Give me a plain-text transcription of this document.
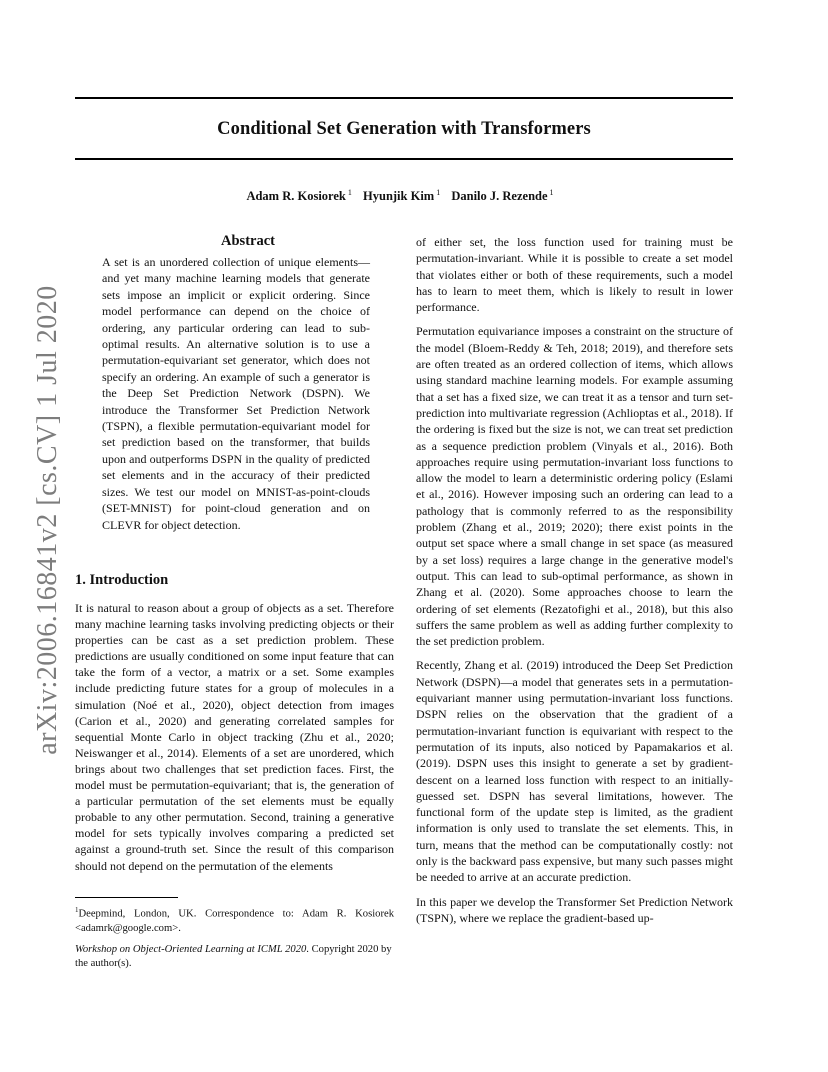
Conditional Set Generation with Transformers
Adam R. Kosiorek $^1$ Hyunjik Kim $^1$ Danilo J. Rezende $^1$
arXiv:2006.16841v2 [cs.CV] 1 Jul 2020
Abstract
A set is an unordered collection of unique elements—and yet many machine learning models that generate sets impose an implicit or explicit ordering. Since model performance can depend on the choice of ordering, any particular ordering can lead to sub-optimal results. An alternative solution is to use a permutation-equivariant set generator, which does not specify an ordering. An example of such a generator is the Deep Set Prediction Network (DSPN). We introduce the Transformer Set Prediction Network (TSPN), a flexible permutation-equivariant model for set prediction based on the transformer, that builds upon and outperforms DSPN in the quality of predicted set elements and in the accuracy of their predicted sizes. We test our model on MNIST-as-point-clouds (SET-MNIST) for point-cloud generation and on CLEVR for object detection.
1. Introduction
It is natural to reason about a group of objects as a set. Therefore many machine learning tasks involving predicting objects or their properties can be cast as a set prediction problem. These predictions are usually conditioned on some input feature that can take the form of a vector, a matrix or a set. Some examples include predicting future states for a group of molecules in a simulation (Noé et al., 2020), object detection from images (Carion et al., 2020) and generating correlated samples for sequential Monte Carlo in object tracking (Zhu et al., 2020; Neiswanger et al., 2014). Elements of a set are unordered, which brings about two challenges that set prediction faces. First, the model must be permutation-equivariant; that is, the generation of a particular permutation of the set elements must be equally probable to any other permutation. Second, training a generative model for sets typically involves comparing a predicted set against a ground-truth set. Since the result of this comparison should not depend on the permutation of the elements
$^1$Deepmind, London, UK. Correspondence to: Adam R. Kosiorek <adamrk@google.com>.
Workshop on Object-Oriented Learning at ICML 2020. Copyright 2020 by the author(s).

of either set, the loss function used for training must be permutation-invariant. While it is possible to create a set model that violates either or both of these requirements, such a model has to learn to meet them, which is likely to result in lower performance.

Permutation equivariance imposes a constraint on the structure of the model (Bloem-Reddy & Teh, 2018; 2019), and therefore sets are often treated as an ordered collection of items, which allows using standard machine learning models. For example assuming that a set has a fixed size, we can treat it as a tensor and turn set-prediction into multivariate regression (Achlioptas et al., 2018). If the ordering is fixed but the size is not, we can treat set prediction as a sequence prediction problem (Vinyals et al., 2016). Both approaches require using permutation-invariant loss functions to allow the model to learn a deterministic ordering policy (Eslami et al., 2016). However imposing such an ordering can lead to a pathology that is commonly referred to as the responsibility problem (Zhang et al., 2019; 2020); there exist points in the output set space where a small change in set space (as measured by a set loss) requires a large change in the generative model's output. This can lead to sub-optimal performance, as shown in Zhang et al. (2020). Some approaches choose to learn the ordering of set elements (Rezatofighi et al., 2018), but this also suffers the same problem as well as adding further complexity to the set prediction problem.

Recently, Zhang et al. (2019) introduced the Deep Set Prediction Network (DSPN)—a model that generates sets in a permutation-equivariant manner using permutation-invariant loss functions. DSPN relies on the observation that the gradient of a permutation-invariant function is equivariant with respect to the permutation of its inputs, also noticed by Papamakarios et al. (2019). DSPN uses this insight to generate a set by gradient-descent on a learned loss function with respect to an initially-guessed set. DSPN has several limitations, however. The functional form of the update step is limited, as the gradient information is only used to translate the set elements. This, in turn, means that the method can be computationally costly: not only is the backward pass expensive, but many such passes might be needed to arrive at an accurate prediction.

In this paper we develop the Transformer Set Prediction Network (TSPN), where we replace the gradient-based up-
